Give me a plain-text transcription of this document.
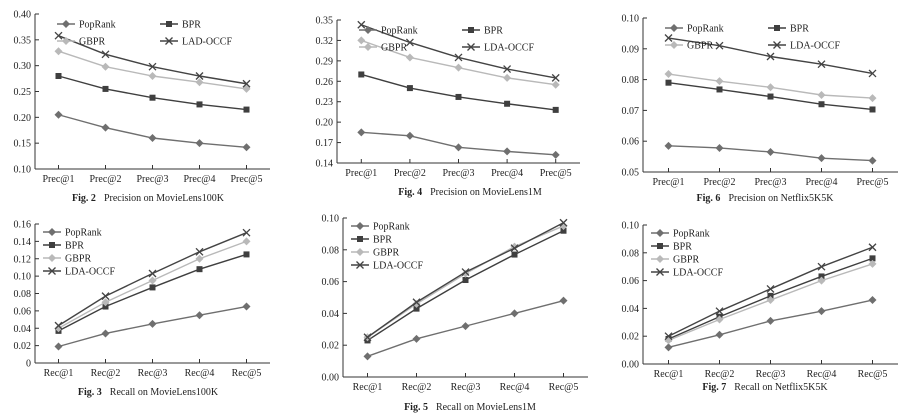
0.10
0.15
0.20
0.25
0.30
0.35
0.40
Prec@1 Prec@2 Prec@3 Prec@4 Prec@5
PopRank	BPR
GBPR	LAD-OCCF
Fig. 2 Precision on MovieLens100K
0.14
0.17
0.20
0.23
0.26
0.29
0.32
0.35
Prec@1 Prec@2 Prec@3 Prec@4 Prec@5
PopRank	BPR
GBPR	LDA-OCCF
Fig. 4 Precision on MovieLens1M
0.05
0.06
0.07
0.08
0.09
0.10
Prec@1 Prec@2 Prec@3 Prec@4 Prec@5
PopRank	BPR
GBPR	LDA-OCCF
Fig. 6 Precision on Netflix5K5K
0
0.02
0.04
0.06
0.08
0.10
0.12
0.14
0.16
Rec@1 Rec@2 Rec@3 Rec@4 Rec@5
PopRank
BPR
GBPR
LDA-OCCF
Fig. 3 Recall on MovieLens100K
0.00
0.02
0.04
0.06
0.08
0.10
Rec@1 Rec@2 Rec@3 Rec@4 Rec@5
PopRank
BPR
GBPR
LDA-OCCF
Fig. 5 Recall on MovieLens1M
0.00
0.02
0.04
0.06
0.08
0.10
Rec@1 Rec@2 Rec@3 Rec@4 Rec@5
PopRank
BPR
GBPR
LDA-OCCF
Fig. 7 Recall on Netflix5K5K
